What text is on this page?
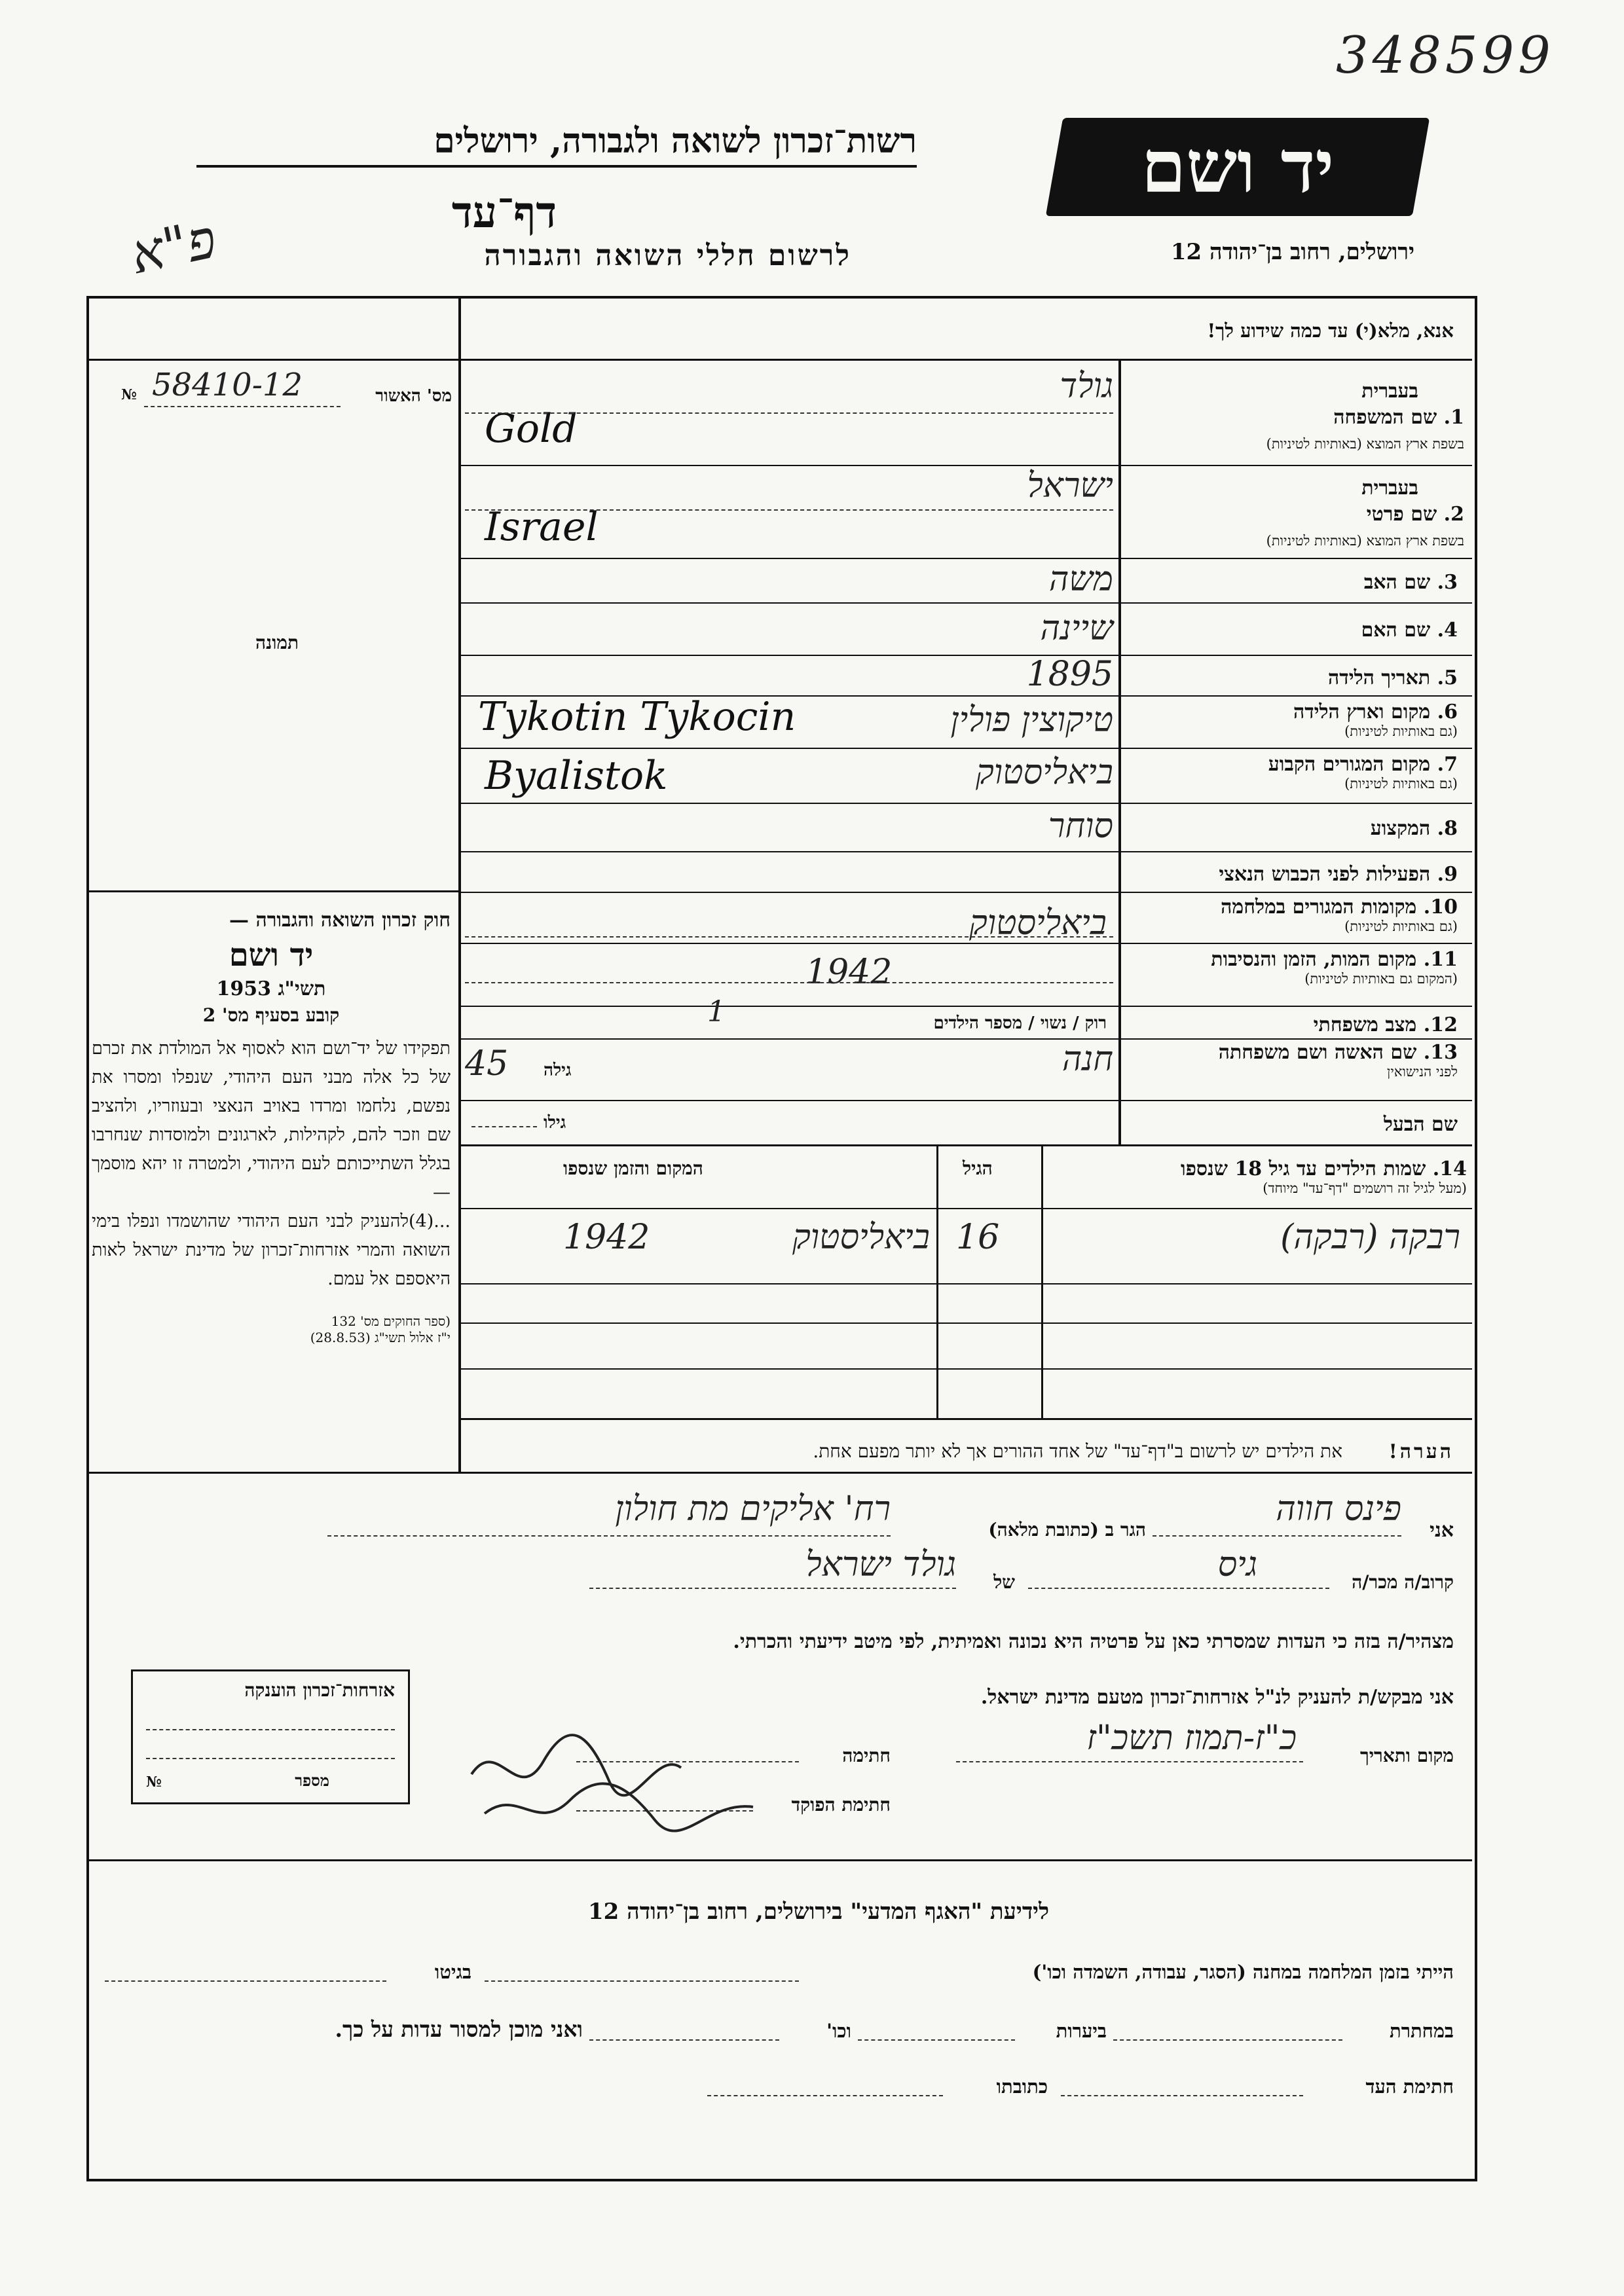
348599
רשות־זכרון לשואה ולגבורה, ירושלים
דף־עד
לרשום חללי השואה והגבורה
פ"א
יד ושם
ירושלים, רחוב בן־יהודה 12
אנא, מלא(י) עד כמה שידוע לך!
מס' האשור
№ 58410-12
תמונה
חוק זכרון השואה והגבורה —
יד ושם
תשי"ג 1953
קובע בסעיף מס' 2
תפקידו של יד־ושם הוא לאסוף אל המולדת את זכרם של כל אלה מבני העם היהודי, שנפלו ומסרו את נפשם, נלחמו ומרדו באויב הנאצי ובעוזריו, ולהציב שם וזכר להם, לקהילות, לארגונים ולמוסדות שנחרבו בגלל השתייכותם לעם היהודי, ולמטרה זו יהא מוסמך —
...(4)להעניק לבני העם היהודי שהושמדו ונפלו בימי השואה והמרי אזרחות־זכרון של מדינת ישראל לאות היאספם אל עמם.
(ספר החוקים מס' 132
י"ז אלול תשי"ג (28.8.53)
בעברית
1. שם המשפחה
בשפת ארץ המוצא (באותיות לטיניות)
גולד
Gold
בעברית
2. שם פרטי
בשפת ארץ המוצא (באותיות לטיניות)
ישראל
Israel
3. שם האב
משה
4. שם האם
שיינה
5. תאריך הלידה
1895
6. מקום וארץ הלידה
(גם באותיות לטיניות)
טיקוצין פולין
Tykotin Tykocin
7. מקום המגורים הקבוע
(גם באותיות לטיניות)
ביאליסטוק
Byalistok
8. המקצוע
סוחר
9. הפעילות לפני הכבוש הנאצי
10. מקומות המגורים במלחמה
(גם באותיות לטיניות)
ביאליסטוק
11. מקום המות, הזמן והנסיבות
(המקום גם באותיות לטיניות)
1942
12. מצב משפחתי
רוק / נשוי / מספר הילדים
1
13. שם האשה ושם משפחתה
לפני הנישואין
חנה
גילה
45
שם הבעל
גילו
14. שמות הילדים עד גיל 18 שנספו
(מעל לגיל זה רושמים "דף־עד" מיוחד)
הגיל
המקום והזמן שנספו
רבקה (רבקה)
16
ביאליסטוק
1942
הערה!
את הילדים יש לרשום ב"דף־עד" של אחד ההורים אך לא יותר מפעם אחת.
אני
פינס חווה
הגר ב (כתובת מלאה)
רח' אליקים מת חולון
קרוב/ה מכר/ה
גיס
של
גולד ישראל
מצהיר/ה בזה כי העדות שמסרתי כאן על פרטיה היא נכונה ואמיתית, לפי מיטב ידיעתי והכרתי.
אני מבקש/ת להעניק לנ"ל אזרחות־זכרון מטעם מדינת ישראל.
מקום ותאריך
כ"ז-תמוז תשכ"ז
חתימה
חתימת הפוקד
אזרחות־זכרון הוענקה
№	מספר
לידיעת "האגף המדעי" בירושלים, רחוב בן־יהודה 12
הייתי בזמן המלחמה במחנה (הסגר, עבודה, השמדה וכו')
בגיטו
במחתרת
ביערות
וכו'
ואני מוכן למסור עדות על כך.
חתימת העד
כתובתו
